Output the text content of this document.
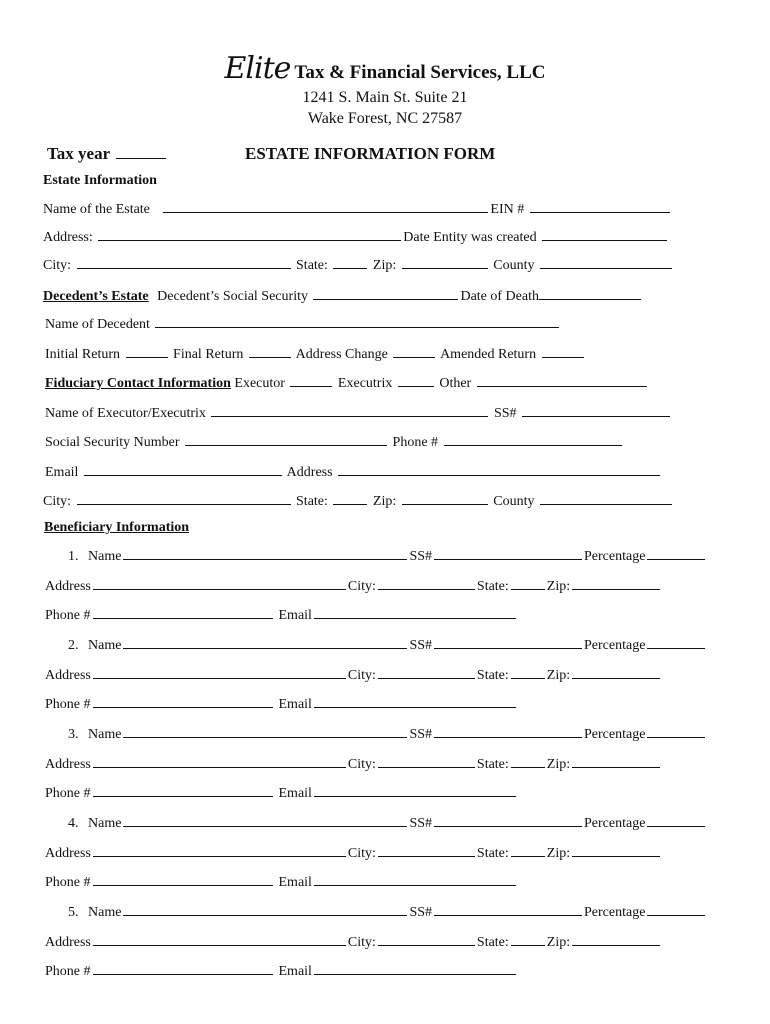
Elite Tax & Financial Services, LLC
1241 S. Main St. Suite 21
Wake Forest, NC 27587
Tax year	ESTATE INFORMATION FORM
Estate Information
Name of the Estate	EIN #
Address:	Date Entity was created
City:	State:	Zip:	County
Decedent’s Estate Decedent’s Social Security	Date of Death
Name of Decedent
Initial Return	Final Return	Address Change	Amended Return
Fiduciary Contact Information Executor	Executrix	Other
Name of Executor/Executrix	SS#
Social Security Number	Phone #
Email	Address
City:	State:	Zip:	County
Beneficiary Information
1. Name	SS#	Percentage
Address	City:	State:	Zip:
Phone #	Email
2. Name	SS#	Percentage
Address	City:	State:	Zip:
Phone #	Email
3. Name	SS#	Percentage
Address	City:	State:	Zip:
Phone #	Email
4. Name	SS#	Percentage
Address	City:	State:	Zip:
Phone #	Email
5. Name	SS#	Percentage
Address	City:	State:	Zip:
Phone #	Email
